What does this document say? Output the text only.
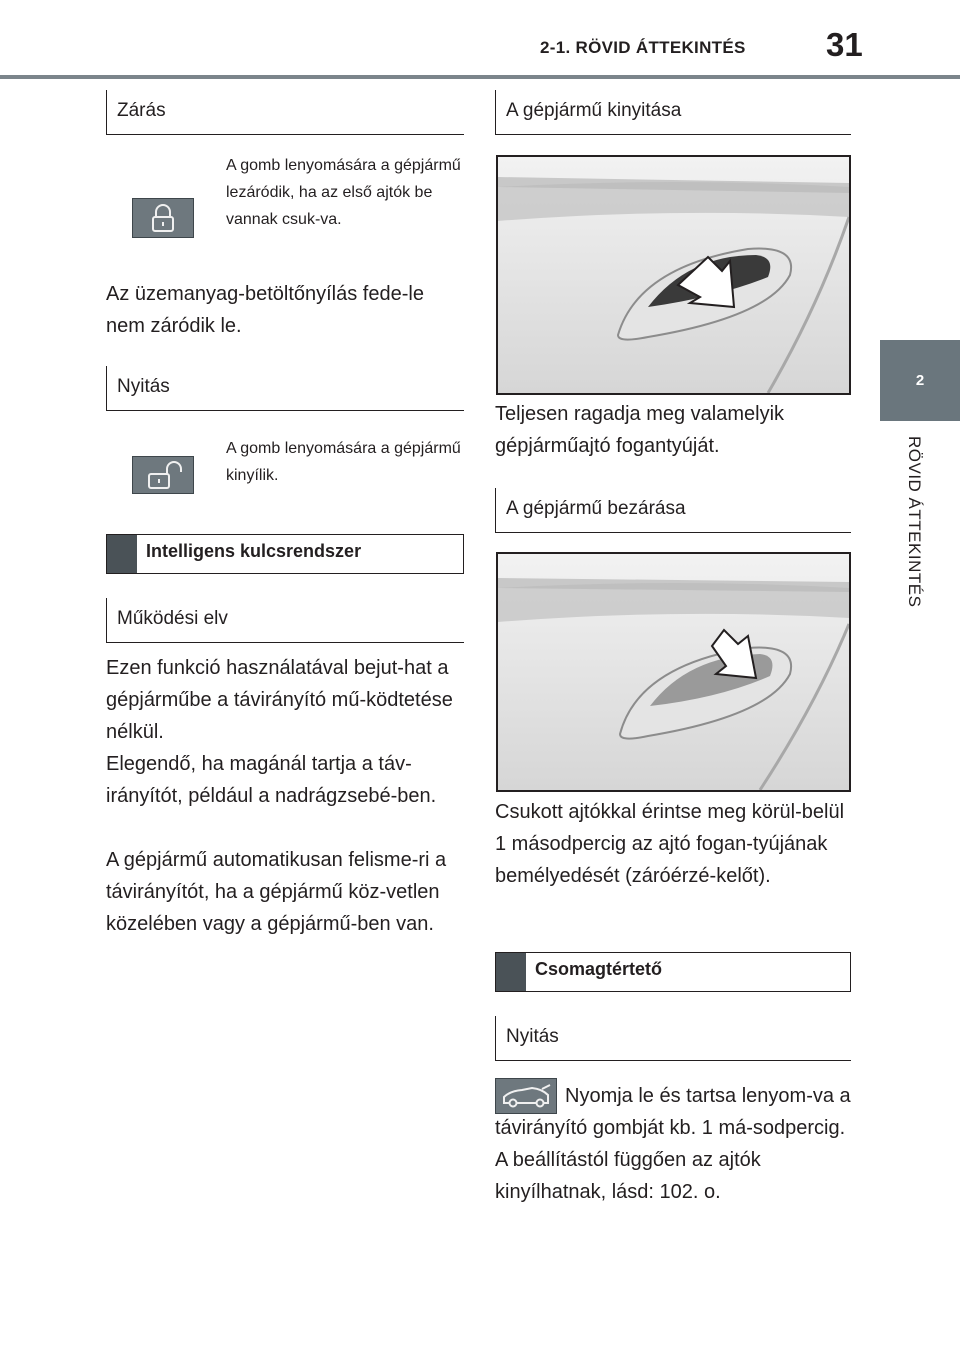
2-1. RÖVID ÁTTEKINTÉS 31
2
RÖVID ÁTTEKINTÉS
Zárás
A gomb lenyomására a gépjármű lezáródik, ha az első ajtók be vannak csuk-va.
Az üzemanyag-betöltőnyílás fede-le nem záródik le.
Nyitás
A gomb lenyomására a gépjármű kinyílik.
Intelligens kulcsrendszer
Működési elv
Ezen funkció használatával bejut-hat a gépjárműbe a távirányító mű-ködtetése nélkül.
Elegendő, ha magánál tartja a táv-irányítót, például a nadrágzsebé-ben.
A gépjármű automatikusan felisme-ri a távirányítót, ha a gépjármű köz-vetlen közelében vagy a gépjármű-ben van.
A gépjármű kinyitása
Teljesen ragadja meg valamelyik gépjárműajtó fogantyúját.
A gépjármű bezárása
Csukott ajtókkal érintse meg körül-belül 1 másodpercig az ajtó fogan-tyújának bemélyedését (záróérzé-kelőt).
Csomagtértető
Nyitás
Nyomja le és tartsa lenyom-va a távirányító gombját kb. 1 má-sodpercig. A beállítástól függően az ajtók kinyílhatnak, lásd: 102. o.
